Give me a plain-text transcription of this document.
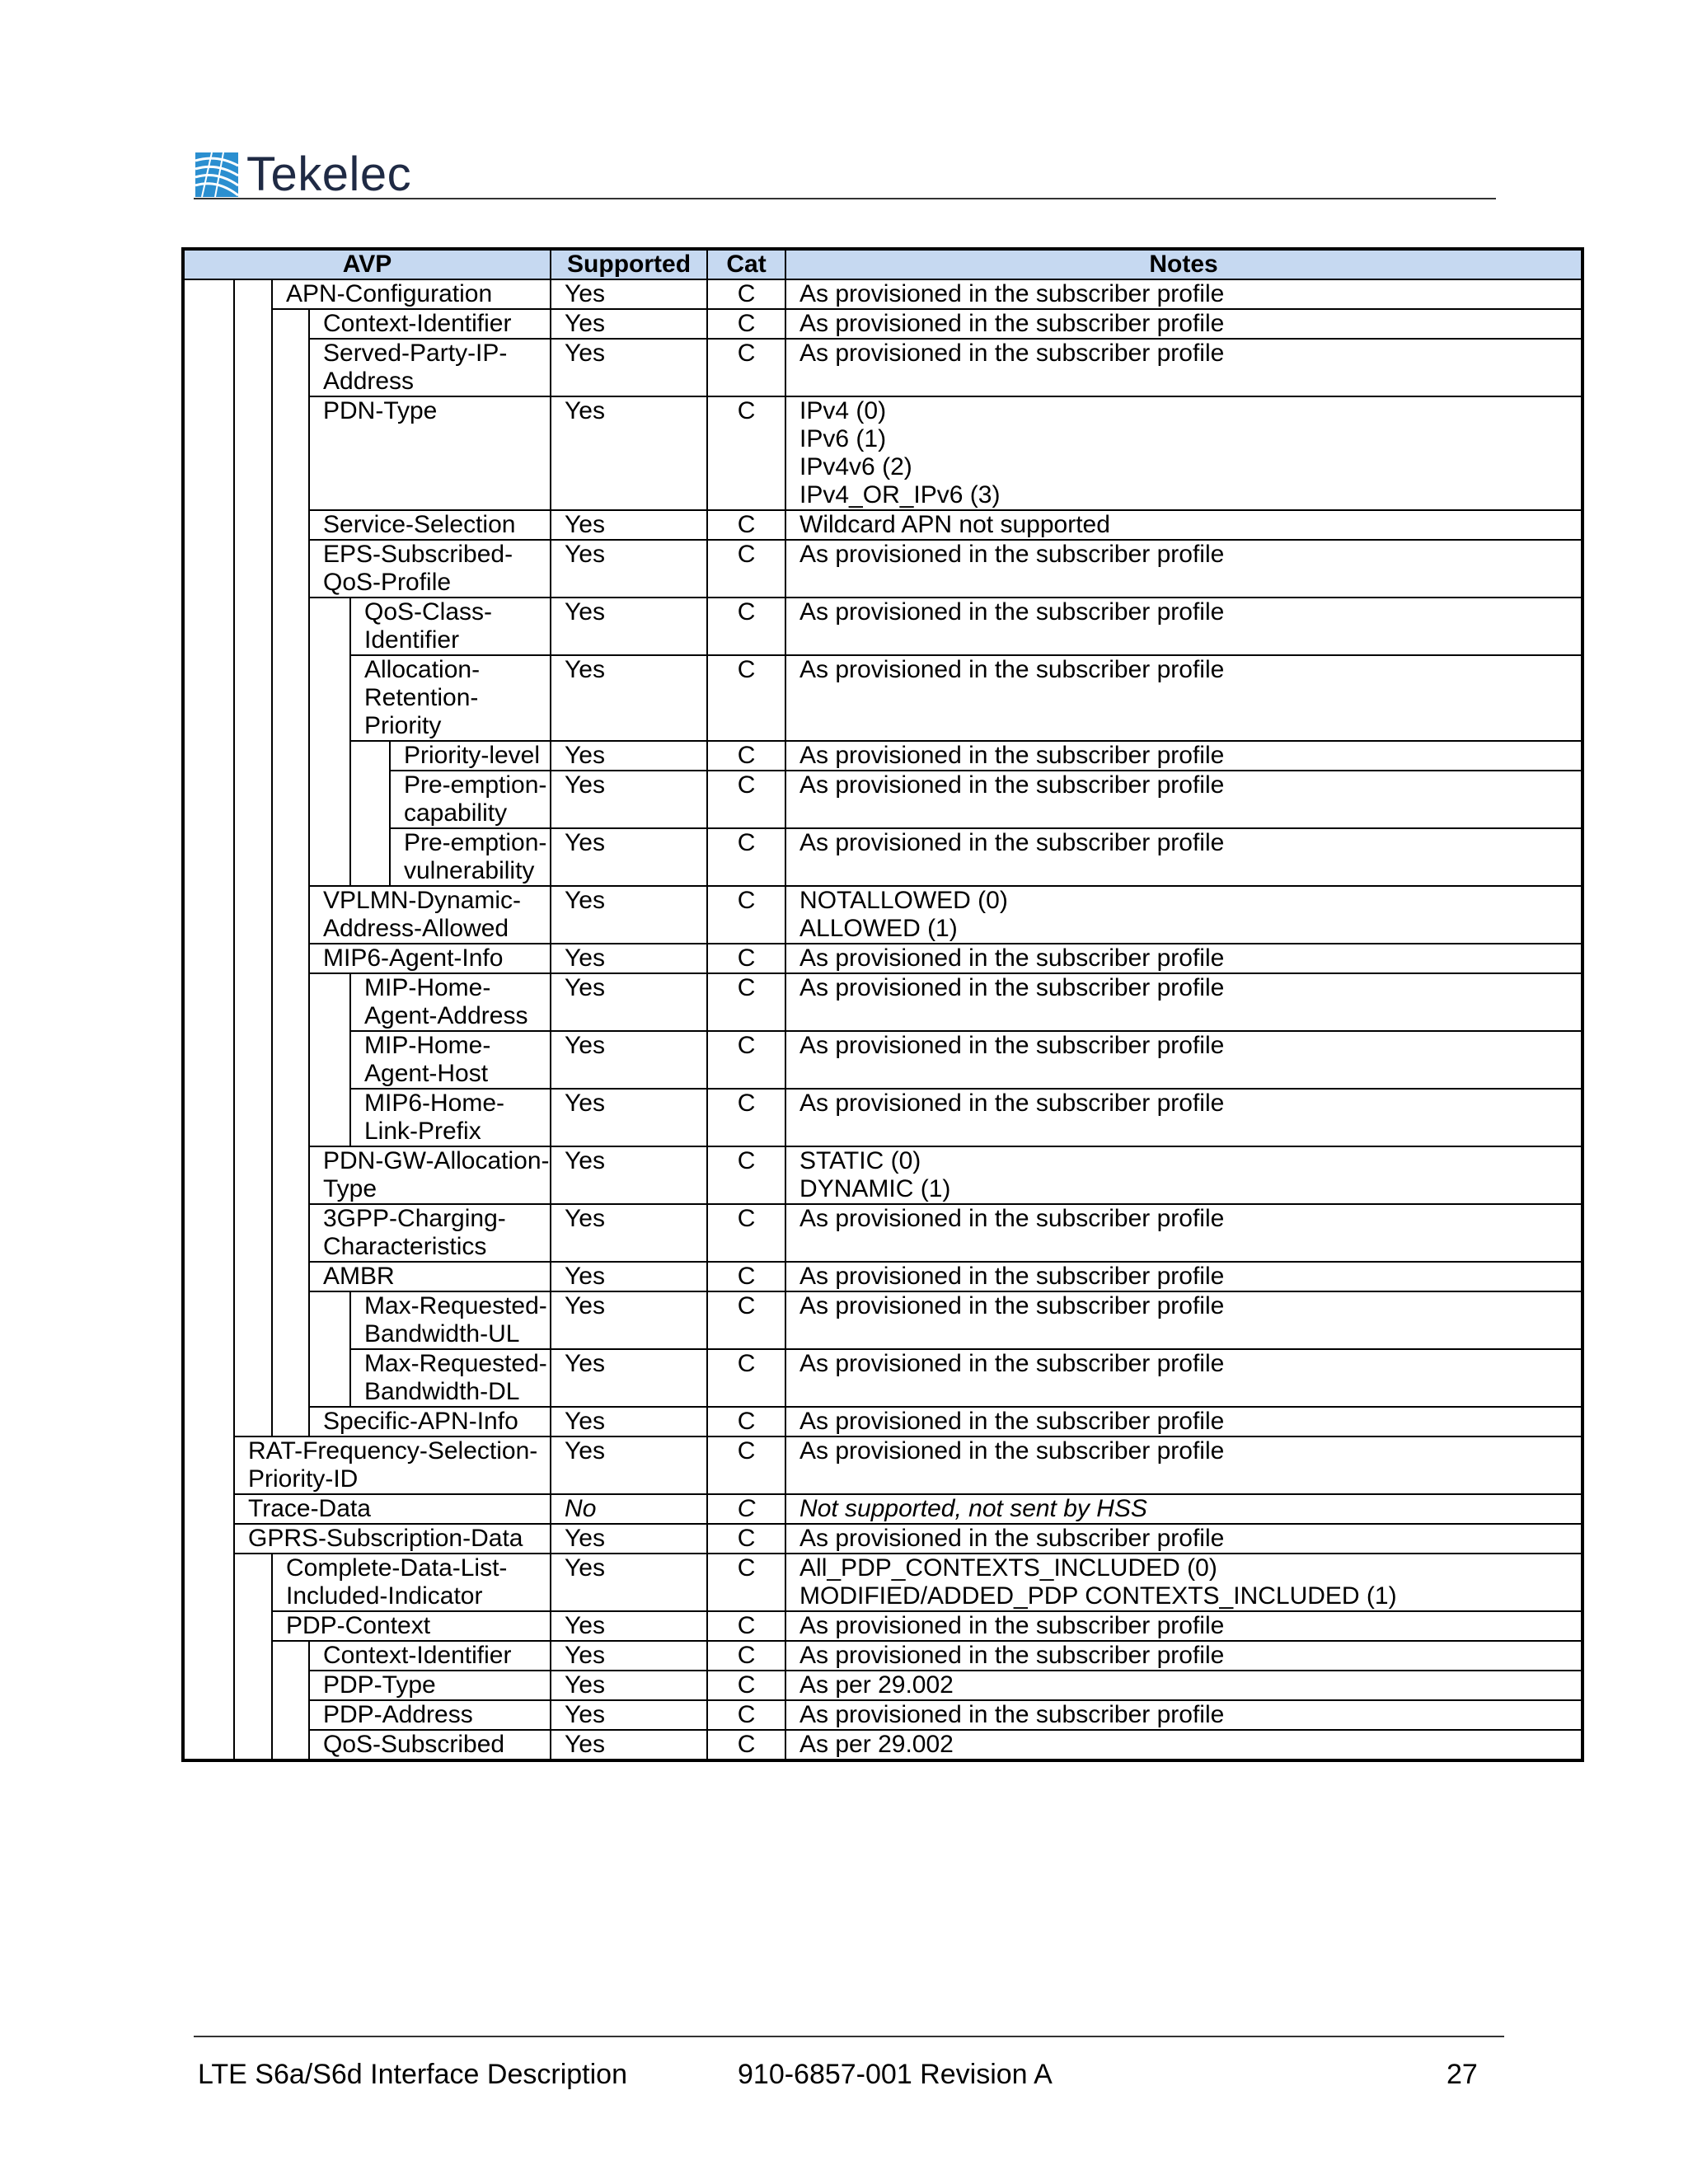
Tekelec
AVP						Supported	Cat	Notes
		APN-Configuration				Yes	C	As provisioned in the subscriber profile
			Context-Identifier			Yes	C	As provisioned in the subscriber profile
			Served-Party-IP-Address			Yes	C	As provisioned in the subscriber profile
			PDN-Type			Yes	C	IPv4 (0)
IPv6 (1)
IPv4v6 (2)
IPv4_OR_IPv6 (3)
			Service-Selection			Yes	C	Wildcard APN not supported
			EPS-Subscribed-QoS-Profile			Yes	C	As provisioned in the subscriber profile
				QoS-Class-Identifier		Yes	C	As provisioned in the subscriber profile
				Allocation-Retention-Priority		Yes	C	As provisioned in the subscriber profile
					Priority-level	Yes	C	As provisioned in the subscriber profile
					Pre-emption-capability	Yes	C	As provisioned in the subscriber profile
					Pre-emption-vulnerability	Yes	C	As provisioned in the subscriber profile
			VPLMN-Dynamic-Address-Allowed			Yes	C	NOTALLOWED (0)
ALLOWED (1)
			MIP6-Agent-Info			Yes	C	As provisioned in the subscriber profile
				MIP-Home-Agent-Address		Yes	C	As provisioned in the subscriber profile
				MIP-Home-Agent-Host		Yes	C	As provisioned in the subscriber profile
				MIP6-Home-Link-Prefix		Yes	C	As provisioned in the subscriber profile
			PDN-GW-Allocation-Type			Yes	C	STATIC (0)
DYNAMIC (1)
			3GPP-Charging-Characteristics			Yes	C	As provisioned in the subscriber profile
			AMBR			Yes	C	As provisioned in the subscriber profile
				Max-Requested-Bandwidth-UL		Yes	C	As provisioned in the subscriber profile
				Max-Requested-Bandwidth-DL		Yes	C	As provisioned in the subscriber profile
			Specific-APN-Info			Yes	C	As provisioned in the subscriber profile
	RAT-Frequency-Selection-Priority-ID					Yes	C	As provisioned in the subscriber profile
	Trace-Data					No	C	Not supported, not sent by HSS
	GPRS-Subscription-Data					Yes	C	As provisioned in the subscriber profile
		Complete-Data-List-Included-Indicator				Yes	C	All_PDP_CONTEXTS_INCLUDED (0)
MODIFIED/ADDED_PDP CONTEXTS_INCLUDED (1)
		PDP-Context				Yes	C	As provisioned in the subscriber profile
			Context-Identifier			Yes	C	As provisioned in the subscriber profile
			PDP-Type			Yes	C	As per 29.002
			PDP-Address			Yes	C	As provisioned in the subscriber profile
			QoS-Subscribed			Yes	C	As per 29.002
LTE S6a/S6d Interface Description	910-6857-001 Revision A	27
